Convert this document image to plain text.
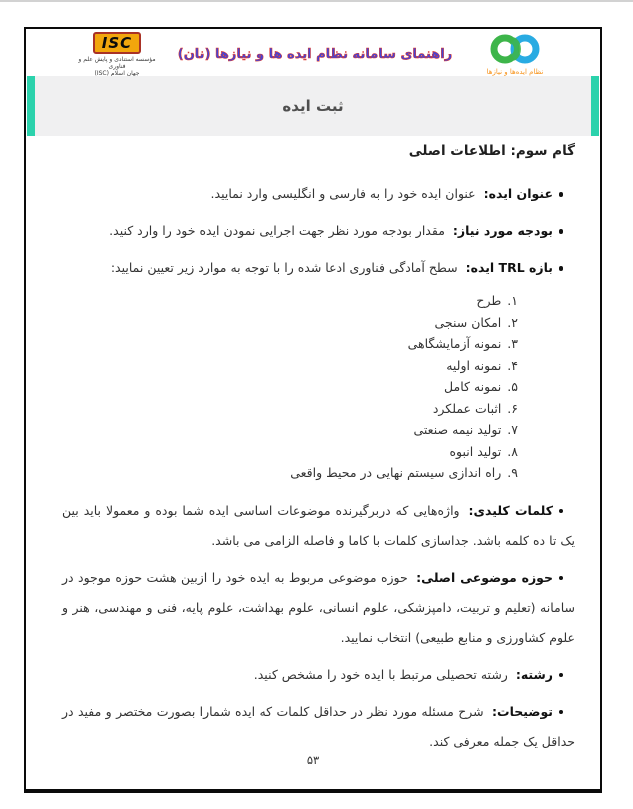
ISC
مؤسسه استنادی و پایش علم و فناوری
جهان اسلام (ISC)
راهنمای سامانه نظام ایده ها و نیازها (نان)
نظام ایده‌ها و نیازها
ثبت ایده
گام سوم: اطلاعات اصلی
عنوان ایده: عنوان ایده خود را به فارسی و انگلیسی وارد نمایید.
بودجه مورد نیاز: مقدار بودجه مورد نظر جهت اجرایی نمودن ایده خود را وارد کنید.
بازه TRL ایده: سطح آمادگی فناوری ادعا شده را با توجه به موارد زیر تعیین نمایید:
۱.طرح
۲.امکان سنجی
۳.نمونه آزمایشگاهی
۴.نمونه اولیه
۵.نمونه کامل
۶.اثبات عملکرد
۷.تولید نیمه صنعتی
۸.تولید انبوه
۹.راه اندازی سیستم نهایی در محیط واقعی
کلمات کلیدی: واژه‌هایی که دربرگیرنده موضوعات اساسی ایده شما بوده و معمولا باید بین یک تا ده کلمه باشد. جداسازی کلمات با کاما و فاصله الزامی می باشد.
حوزه موضوعی اصلی: حوزه موضوعی مربوط به ایده خود را ازبین هشت حوزه موجود در سامانه (تعلیم و تربیت، دامپزشکی، علوم انسانی، علوم بهداشت، علوم پایه، فنی و مهندسی، هنر و علوم کشاورزی و منابع طبیعی) انتخاب نمایید.
رشته: رشته تحصیلی مرتبط با ایده خود را مشخص کنید.
توضیحات: شرح مسئله مورد نظر در حداقل کلمات که ایده شمارا بصورت مختصر و مفید در حداقل یک جمله معرفی کند.
۵۳
